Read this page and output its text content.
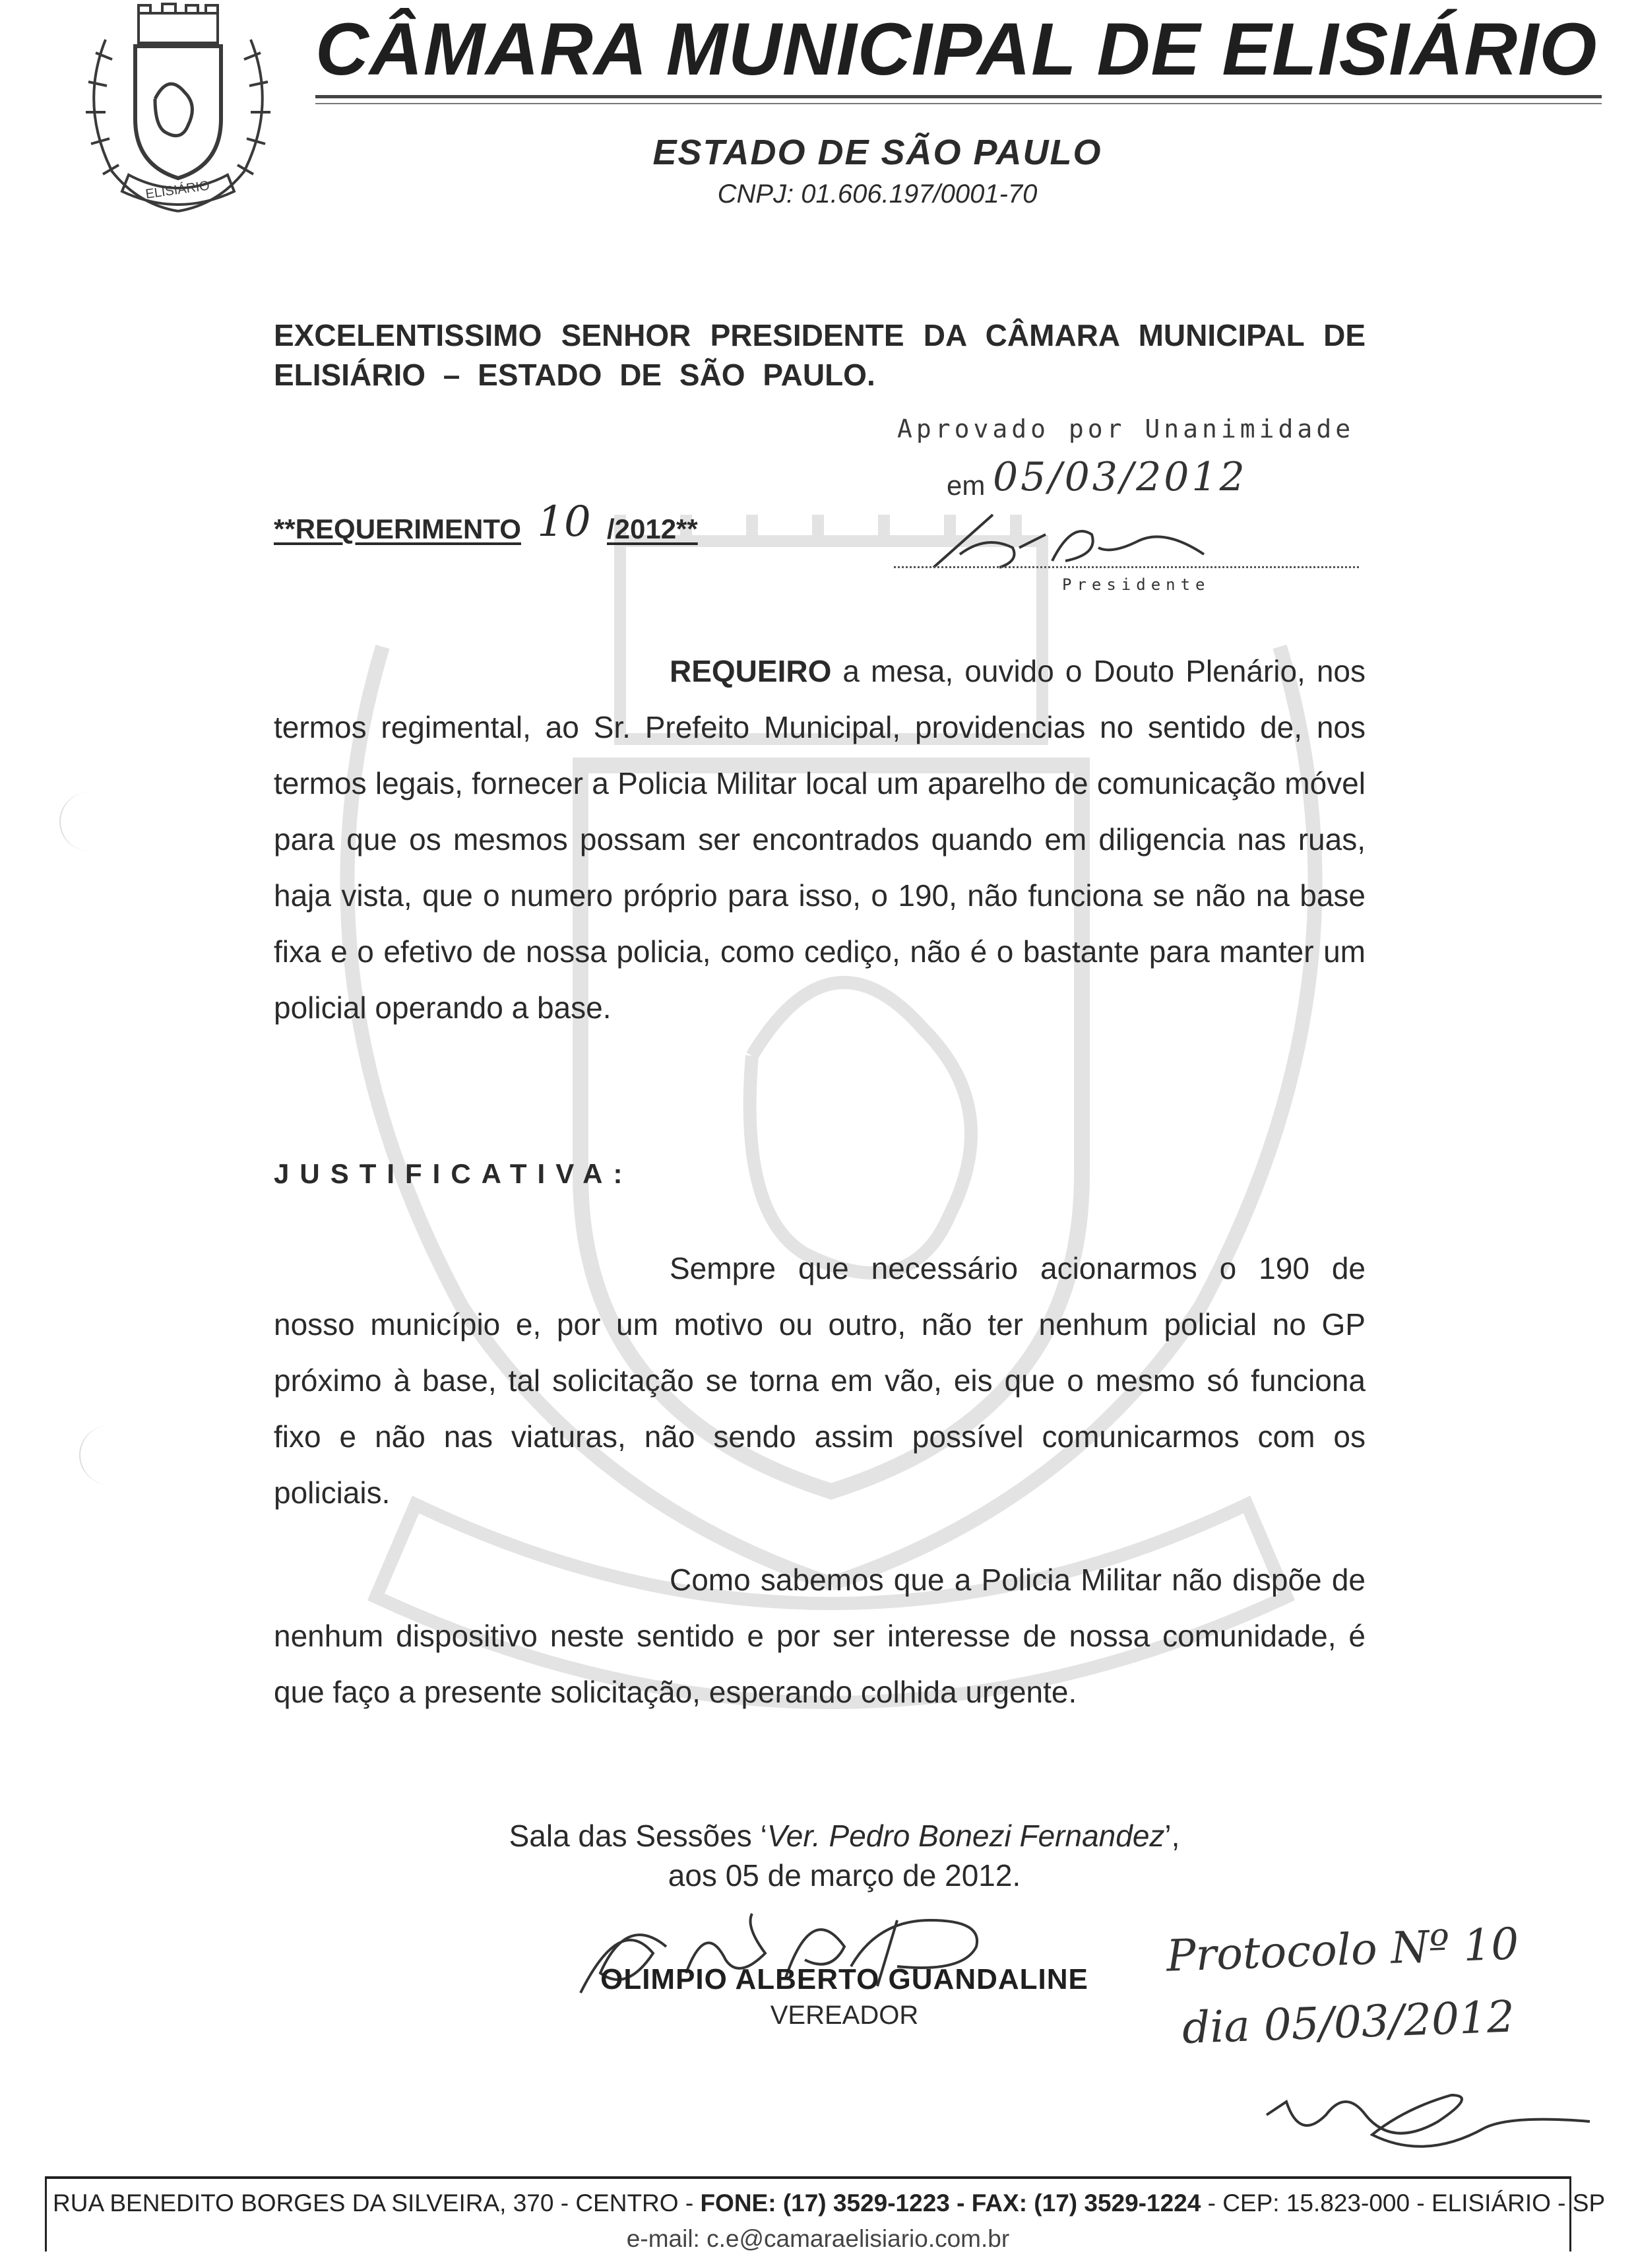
ELISIÁRIO
CÂMARA MUNICIPAL DE ELISIÁRIO
ESTADO DE SÃO PAULO
CNPJ: 01.606.197/0001-70
EXCELENTISSIMO SENHOR PRESIDENTE DA CÂMARA MUNICIPAL DE ELISIÁRIO – ESTADO DE SÃO PAULO.
Aprovado por Unanimidade
em 05/03/2012
Presidente
**REQUERIMENTO 10 /2012**
REQUEIRO a mesa, ouvido o Douto Plenário, nos termos regimental, ao Sr. Prefeito Municipal, providencias no sentido de, nos termos legais, fornecer a Policia Militar local um aparelho de comunicação móvel para que os mesmos possam ser encontrados quando em diligencia nas ruas, haja vista, que o numero próprio para isso, o 190, não funciona se não na base fixa e o efetivo de nossa policia, como cediço, não é o bastante para manter um policial operando a base.
JUSTIFICATIVA:
Sempre que necessário acionarmos o 190 de nosso município e, por um motivo ou outro, não ter nenhum policial no GP próximo à base, tal solicitação se torna em vão, eis que o mesmo só funciona fixo e não nas viaturas, não sendo assim possível comunicarmos com os policiais.
Como sabemos que a Policia Militar não dispõe de nenhum dispositivo neste sentido e por ser interesse de nossa comunidade, é que faço a presente solicitação, esperando colhida urgente.
Sala das Sessões ‘Ver. Pedro Bonezi Fernandez’,
aos 05 de março de 2012.
OLIMPIO ALBERTO GUANDALINE
VEREADOR
Protocolo Nº 10
dia 05/03/2012
RUA BENEDITO BORGES DA SILVEIRA, 370 - CENTRO - FONE: (17) 3529-1223 - FAX: (17) 3529-1224 - CEP: 15.823-000 - ELISIÁRIO - SP
e-mail: c.e@camaraelisiario.com.br
